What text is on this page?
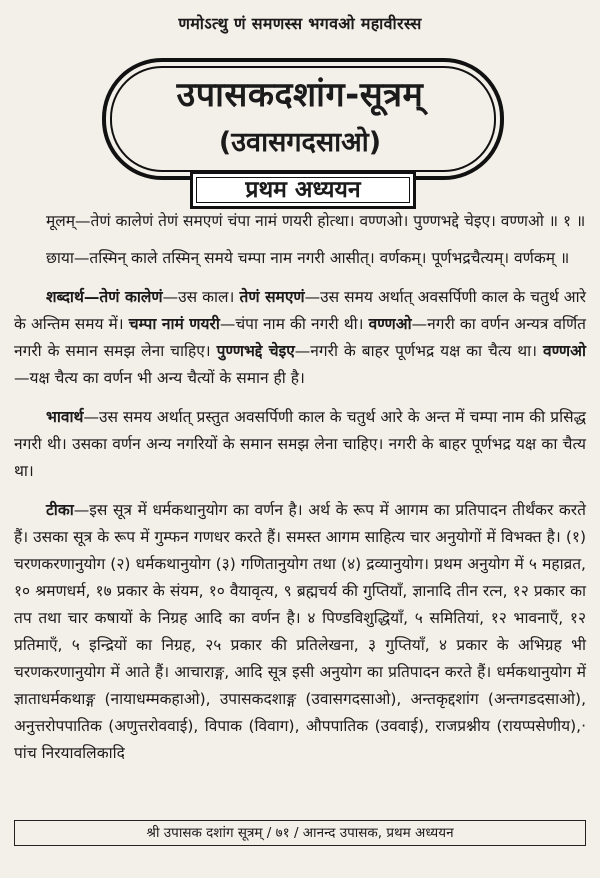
णमोऽत्थु णं समणस्स भगवओ महावीरस्स
उपासकदशांग-सूत्रम्
(उवासगदसाओ)
प्रथम अध्ययन

मूलम्—तेणं कालेणं तेणं समएणं चंपा नामं णयरी होत्था। वण्णओ। पुण्णभद्दे चेइए। वण्णओ ॥ १ ॥

छाया—तस्मिन् काले तस्मिन् समये चम्पा नाम नगरी आसीत्। वर्णकम्। पूर्णभद्रचैत्यम्। वर्णकम् ॥

शब्दार्थ—तेणं कालेणं—उस काल। तेणं समएणं—उस समय अर्थात् अवसर्पिणी काल के चतुर्थ आरे के अन्तिम समय में। चम्पा नामं णयरी—चंपा नाम की नगरी थी। वण्णओ—नगरी का वर्णन अन्यत्र वर्णित नगरी के समान समझ लेना चाहिए। पुण्णभद्दे चेइए—नगरी के बाहर पूर्णभद्र यक्ष का चैत्य था। वण्णओ—यक्ष चैत्य का वर्णन भी अन्य चैत्यों के समान ही है।

भावार्थ—उस समय अर्थात् प्रस्तुत अवसर्पिणी काल के चतुर्थ आरे के अन्त में चम्पा नाम की प्रसिद्ध नगरी थी। उसका वर्णन अन्य नगरियों के समान समझ लेना चाहिए। नगरी के बाहर पूर्णभद्र यक्ष का चैत्य था।

टीका—इस सूत्र में धर्मकथानुयोग का वर्णन है। अर्थ के रूप में आगम का प्रतिपादन तीर्थंकर करते हैं। उसका सूत्र के रूप में गुम्फन गणधर करते हैं। समस्त आगम साहित्य चार अनुयोगों में विभक्त है। (१) चरणकरणानुयोग (२) धर्मकथानुयोग (३) गणितानुयोग तथा (४) द्रव्यानुयोग। प्रथम अनुयोग में ५ महाव्रत, १० श्रमणधर्म, १७ प्रकार के संयम, १० वैयावृत्य, ९ ब्रह्मचर्य की गुप्तियाँ, ज्ञानादि तीन रत्न, १२ प्रकार का तप तथा चार कषायों के निग्रह आदि का वर्णन है। ४ पिण्डविशुद्धियाँ, ५ समितियां, १२ भावनाएँ, १२ प्रतिमाएँ, ५ इन्द्रियों का निग्रह, २५ प्रकार की प्रतिलेखना, ३ गुप्तियाँ, ४ प्रकार के अभिग्रह भी चरणकरणानुयोग में आते हैं। आचाराङ्ग, आदि सूत्र इसी अनुयोग का प्रतिपादन करते हैं। धर्मकथानुयोग में ज्ञाताधर्मकथाङ्ग (नायाधम्मकहाओ), उपासकदशाङ्ग (उवासगदसाओ), अन्तकृद्दशांग (अन्तगडदसाओ), अनुत्तरोपपातिक (अणुत्तरोववाई), विपाक (विवाग), औपपातिक (उववाई), राजप्रश्नीय (रायप्पसेणीय),· पांच निरयावलिकादि

श्री उपासक दशांग सूत्रम् / ७१ / आनन्द उपासक, प्रथम अध्ययन
